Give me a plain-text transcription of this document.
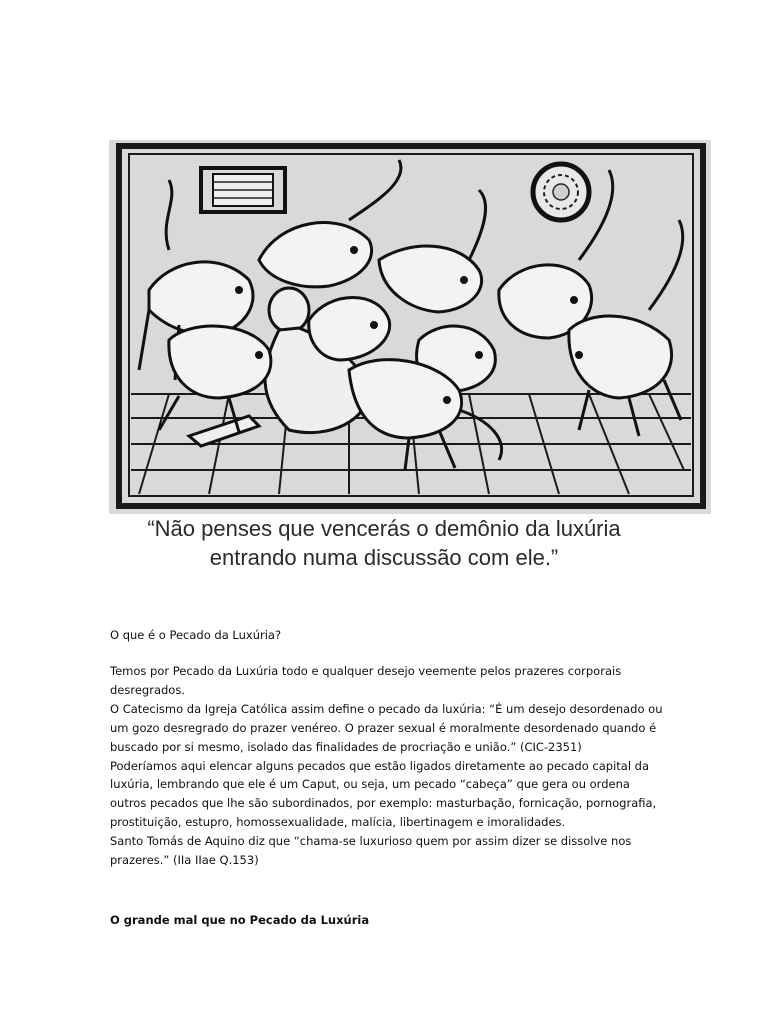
“Não penses que vencerás o demônio da luxúria
entrando numa discussão com ele.”

O que é o Pecado da Luxúria?

Temos por Pecado da Luxúria todo e qualquer desejo veemente pelos prazeres corporais

desregrados.

O Catecismo da Igreja Católica assim define o pecado da luxúria: “É um desejo desordenado ou

um gozo desregrado do prazer venéreo. O prazer sexual é moralmente desordenado quando é

buscado por si mesmo, isolado das finalidades de procriação e união.” (CIC-2351)

Poderíamos aqui elencar alguns pecados que estão ligados diretamente ao pecado capital da

luxúria, lembrando que ele é um Caput, ou seja, um pecado “cabeça” que gera ou ordena

outros pecados que lhe são subordinados, por exemplo: masturbação, fornicação, pornografia,

prostituição, estupro, homossexualidade, malícia, libertinagem e imoralidades.

Santo Tomás de Aquino diz que “chama-se luxurioso quem por assim dizer se dissolve nos

prazeres.” (IIa IIae Q.153)

O grande mal que no Pecado da Luxúria
